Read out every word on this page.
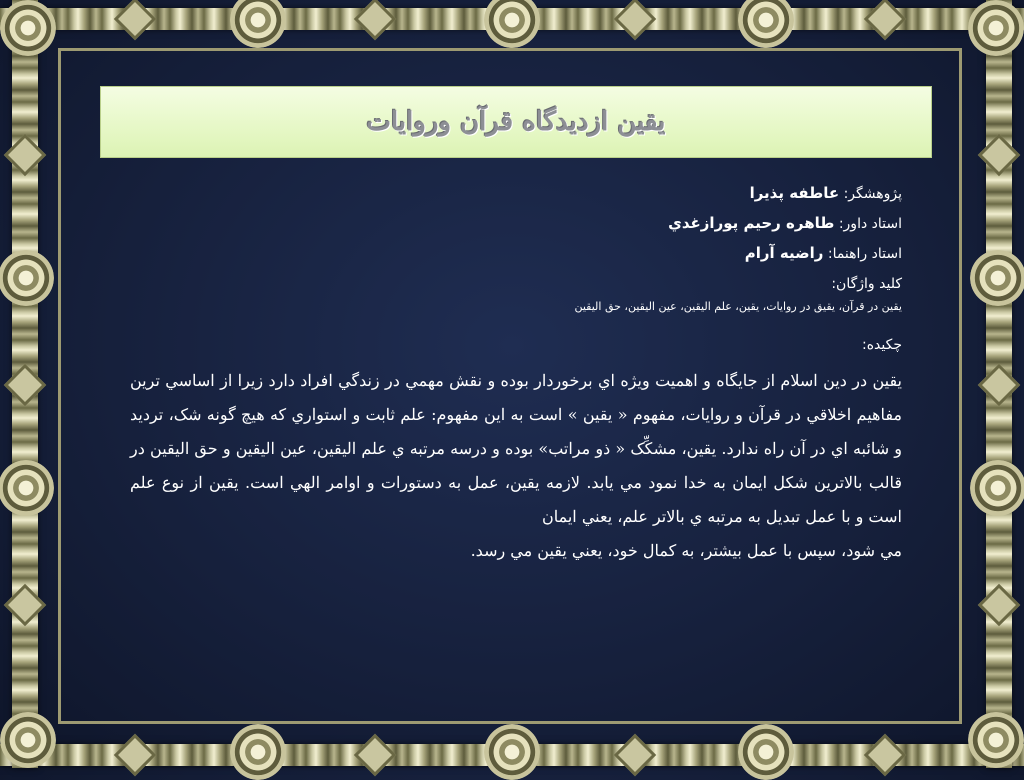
یقین ازدیدگاه قرآن وروایات
پژوهشگر: عاطفه پذيرا
استاد داور: طاهره رحيم پورازغدي
استاد راهنما: راضيه آرام
كليد واژگان:
یقین در قرآن، یقیق در روایات، یقین، علم الیقین، عین الیقین، حق الیقین
چكيده:

يقين در دين اسلام از جايگاه و اهميت ويژه اي برخوردار بوده و نقش مهمي در زندگي افراد دارد زيرا از اساسي ترين مفاهيم اخلاقي در قرآن و روايات، مفهوم « يقين » است به اين مفهوم: علم ثابت و استواري كه هيچ گونه شک، ترديد و شائبه اي در آن راه ندارد. يقين، مشكِّک « ذو مراتب» بوده و درسه مرتبه ي علم اليقين، عين اليقين و حق اليقين در قالب بالاترين شكل ايمان به خدا نمود مي يابد. لازمه يقين، عمل به دستورات و اوامر الهي است. يقين از نوع علم است و با عمل تبديل به مرتبه ي بالاتر علم، يعني ايمان

مي شود، سپس با عمل بيشتر، به كمال خود، يعني يقين مي رسد.
